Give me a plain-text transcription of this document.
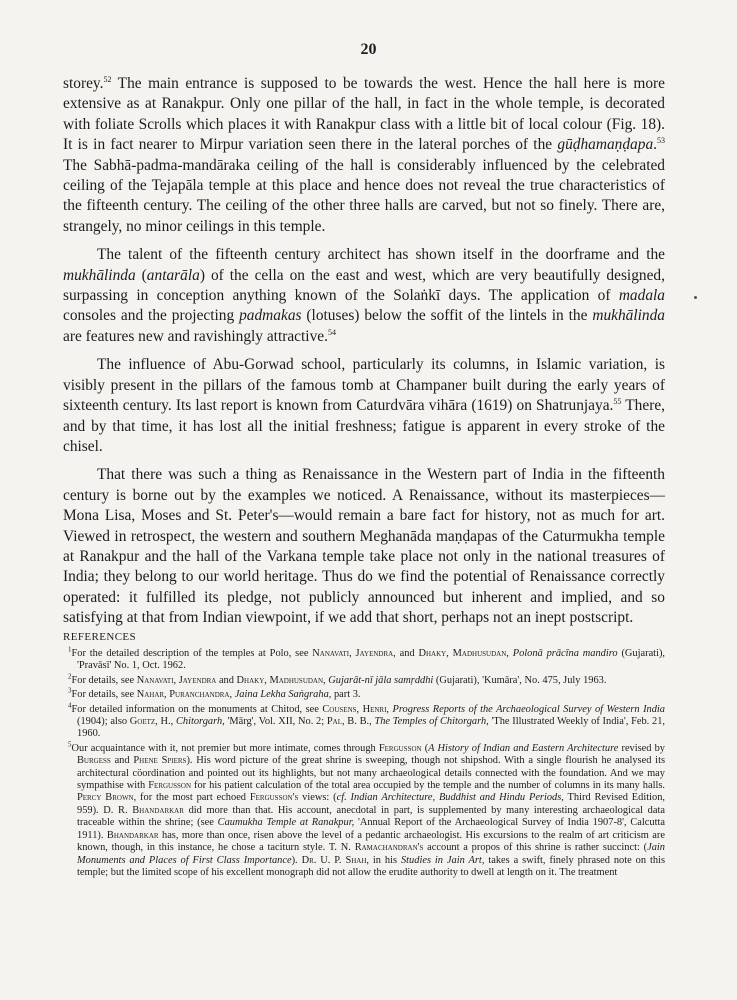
20

storey.$^{52}$ The main entrance is supposed to be towards the west. Hence the hall here is more extensive as at Ranakpur. Only one pillar of the hall, in fact in the whole temple, is decorated with foliate Scrolls which places it with Ranakpur class with a little bit of local colour (Fig. 18). It is in fact nearer to Mirpur variation seen there in the lateral porches of the gūḍhamaṇḍapa.$^{53}$ The Sabhā-padma-mandāraka ceiling of the hall is considerably influenced by the celebrated ceiling of the Tejapāla temple at this place and hence does not reveal the true characteristics of the fifteenth century. The ceiling of the other three halls are carved, but not so finely. There are, strangely, no minor ceilings in this temple.

The talent of the fifteenth century architect has shown itself in the doorframe and the mukhālinda (antarāla) of the cella on the east and west, which are very beautifully designed, surpassing in conception anything known of the Solaṅkī days. The application of madala consoles and the projecting padmakas (lotuses) below the soffit of the lintels in the mukhālinda are features new and ravishingly attractive.$^{54}$

The influence of Abu-Gorwad school, particularly its columns, in Islamic variation, is visibly present in the pillars of the famous tomb at Champaner built during the early years of sixteenth century. Its last report is known from Caturdvāra vihāra (1619) on Shatrunjaya.$^{55}$ There, and by that time, it has lost all the initial freshness; fatigue is apparent in every stroke of the chisel.

That there was such a thing as Renaissance in the Western part of India in the fifteenth century is borne out by the examples we noticed. A Renaissance, without its masterpieces—Mona Lisa, Moses and St. Peter's—would remain a bare fact for history, not as much for art. Viewed in retrospect, the western and southern Meghanāda maṇḍapas of the Caturmukha temple at Ranakpur and the hall of the Varkana temple take place not only in the national treasures of India; they belong to our world heritage. Thus do we find the potential of Renaissance correctly operated: it fulfilled its pledge, not publicly announced but inherent and implied, and so satisfying at that from Indian viewpoint, if we add that short, perhaps not an inept postscript.

REFERENCES

$^1$For the detailed description of the temples at Polo, see Nanavati, Jayendra, and Dhaky, Madhusudan, Polonā prācīna mandiro (Gujarati), 'Pravāsī' No. 1, Oct. 1962.

$^2$For details, see Nanavati, Jayendra and Dhaky, Madhusudan, Gujarāt-nī jāla samṛddhi (Gujarati), 'Kumāra', No. 475, July 1963.

$^3$For details, see Nahar, Puranchandra, Jaina Lekha Saṅgraha, part 3.

$^4$For detailed information on the monuments at Chitod, see Cousens, Henri, Progress Reports of the Archaeological Survey of Western India (1904); also Goetz, H., Chitorgarh, 'Mārg', Vol. XII, No. 2; Pal, B. B., The Temples of Chitorgarh, 'The Illustrated Weekly of India', Feb. 21, 1960.

$^5$Our acquaintance with it, not premier but more intimate, comes through Fergusson (A History of Indian and Eastern Architecture revised by Burgess and Phene Spiers). His word picture of the great shrine is sweeping, though not shipshod. With a single flourish he analysed its architectural cöordination and pointed out its highlights, but not many archaeological details connected with the foundation. And we may sympathise with Fergusson for his patient calculation of the total area occupied by the temple and the number of columns in its many halls. Percy Brown, for the most part echoed Fergusson's views: (cf. Indian Architecture, Buddhist and Hindu Periods, Third Revised Edition, 959). D. R. Bhandarkar did more than that. His account, anecdotal in part, is supplemented by many interesting archaeological data traceable within the shrine; (see Caumukha Temple at Ranakpur, 'Annual Report of the Archaeological Survey of India 1907-8', Calcutta 1911). Bhandarkar has, more than once, risen above the level of a pedantic archaeologist. His excursions to the realm of art criticism are known, though, in this instance, he chose a taciturn style. T. N. Ramachandran's account a propos of this shrine is rather succinct: (Jain Monuments and Places of First Class Importance). Dr. U. P. Shah, in his Studies in Jain Art, takes a swift, finely phrased note on this temple; but the limited scope of his excellent monograph did not allow the erudite authority to dwell at length on it. The treatment
